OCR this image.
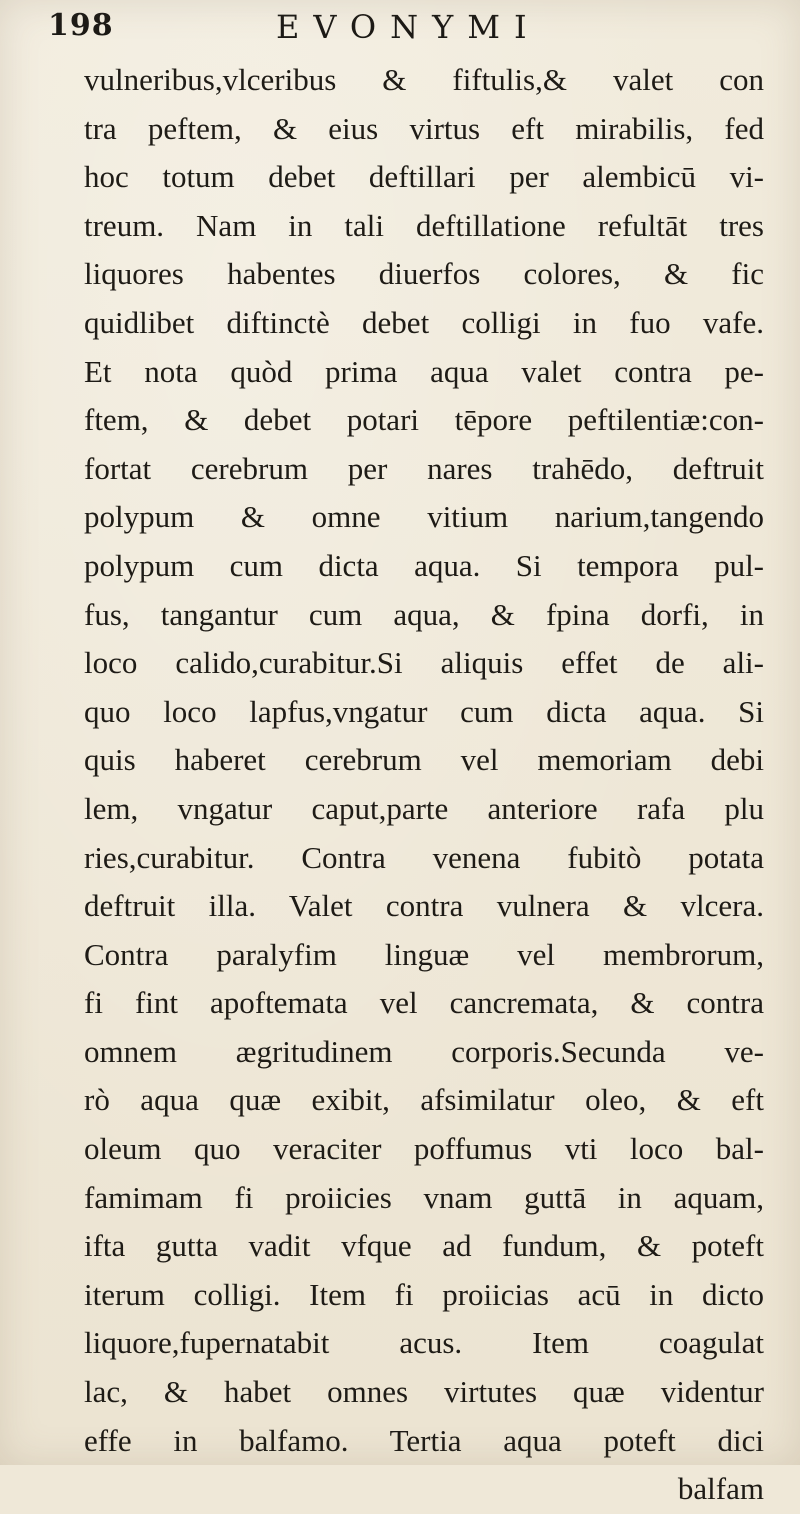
198	EVONYMI
vulneribus,vlceribus & fiftulis,& valet con
tra peftem, & eius virtus eft mirabilis, fed
hoc totum debet deftillari per alembicū vi-
treum. Nam in tali deftillatione refultāt tres
liquores habentes diuerfos colores, & fic
quidlibet diftinctè debet colligi in fuo vafe.
Et nota quòd prima aqua valet contra pe-
ftem, & debet potari tēpore peftilentiæ:con-
fortat cerebrum per nares trahēdo, deftruit
polypum & omne vitium narium,tangendo
polypum cum dicta aqua. Si tempora pul-
fus, tangantur cum aqua, & fpina dorfi, in
loco calido,curabitur.Si aliquis effet de ali-
quo loco lapfus,vngatur cum dicta aqua. Si
quis haberet cerebrum vel memoriam debi
lem, vngatur caput,parte anteriore rafa plu
ries,curabitur. Contra venena fubitò potata
deftruit illa. Valet contra vulnera & vlcera.
Contra paralyfim linguæ vel membrorum,
fi fint apoftemata vel cancremata, & contra
omnem ægritudinem corporis.Secunda ve-
rò aqua quæ exibit, afsimilatur oleo, & eft
oleum quo veraciter poffumus vti loco bal-
famimam fi proiicies vnam guttā in aquam,
ifta gutta vadit vfque ad fundum, & poteft
iterum colligi. Item fi proiicias acū in dicto
liquore,fupernatabit acus. Item coagulat
lac, & habet omnes virtutes quæ videntur
effe in balfamo. Tertia aqua poteft dici
balfam
